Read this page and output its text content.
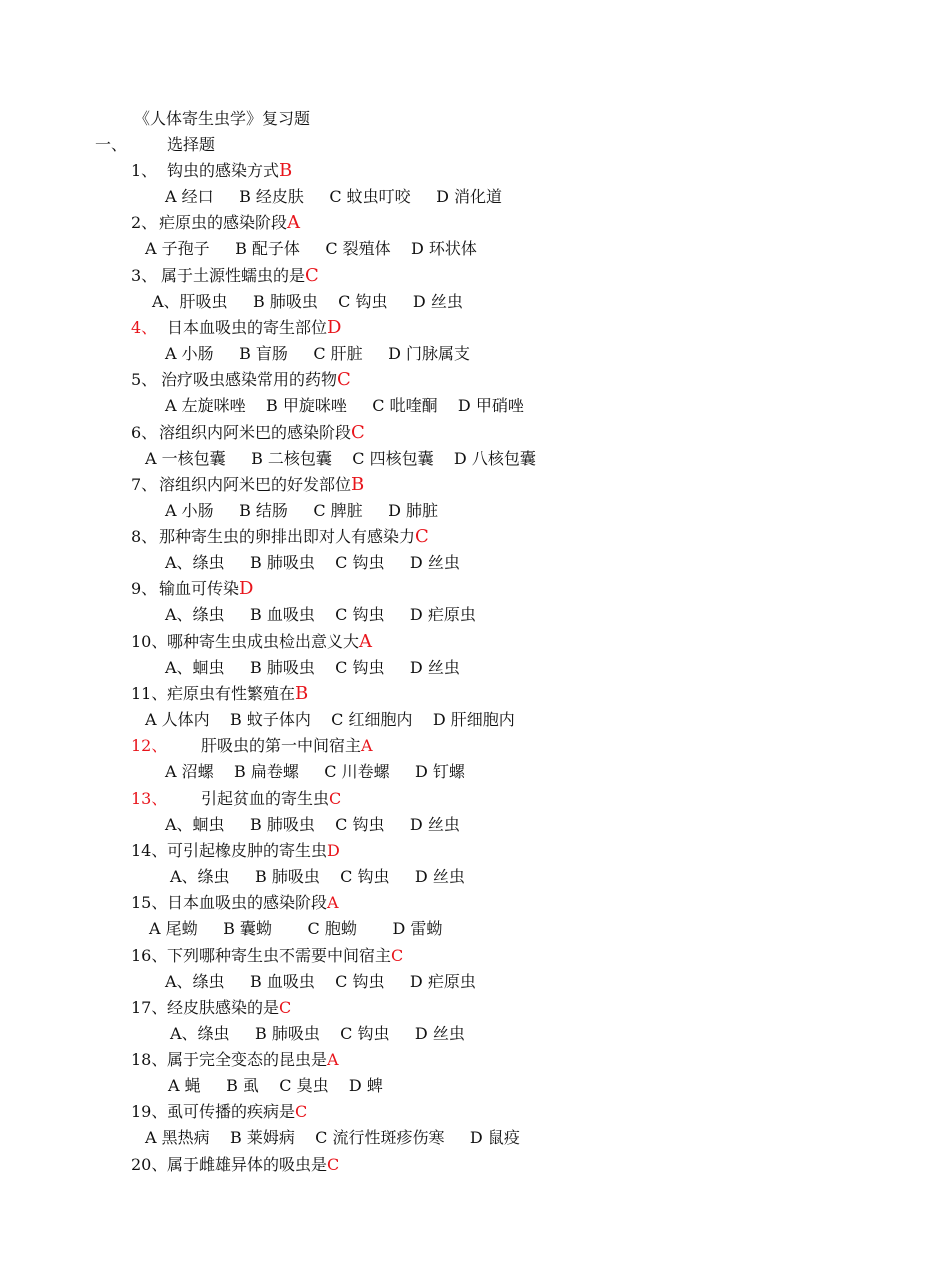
《人体寄生虫学》复习题
一、 选择题
1、 钩虫的感染方式B
A 经口     B 经皮肤     C 蚊虫叮咬     D 消化道
2、 疟原虫的感染阶段A
A 子孢子     B 配子体     C 裂殖体    D 环状体
3、 属于土源性蠕虫的是C
A、肝吸虫     B 肺吸虫    C 钩虫     D 丝虫
4、 日本血吸虫的寄生部位D
A 小肠     B 盲肠     C 肝脏     D 门脉属支
5、 治疗吸虫感染常用的药物C
A 左旋咪唑    B 甲旋咪唑     C 吡喹酮    D 甲硝唑
6、 溶组织内阿米巴的感染阶段C
A 一核包囊     B 二核包囊    C 四核包囊    D 八核包囊
7、 溶组织内阿米巴的好发部位B
A 小肠     B 结肠     C 脾脏     D 肺脏
8、 那种寄生虫的卵排出即对人有感染力C
A、绦虫     B 肺吸虫    C 钩虫     D 丝虫
9、 输血可传染D
A、绦虫     B 血吸虫    C 钩虫     D 疟原虫
10、 哪种寄生虫成虫检出意义大A
A、蛔虫     B 肺吸虫    C 钩虫     D 丝虫
11、 疟原虫有性繁殖在B
A 人体内    B 蚊子体内    C 红细胞内    D 肝细胞内
12、 肝吸虫的第一中间宿主A
A 沼螺    B 扁卷螺     C 川卷螺     D 钉螺
13、 引起贫血的寄生虫C
A、蛔虫     B 肺吸虫    C 钩虫     D 丝虫
14、 可引起橡皮肿的寄生虫D
A、绦虫     B 肺吸虫    C 钩虫     D 丝虫
15、 日本血吸虫的感染阶段A
A 尾蚴     B 囊蚴       C 胞蚴       D 雷蚴
16、 下列哪种寄生虫不需要中间宿主C
A、绦虫     B 血吸虫    C 钩虫     D 疟原虫
17、 经皮肤感染的是C
A、绦虫     B 肺吸虫    C 钩虫     D 丝虫
18、 属于完全变态的昆虫是A
A 蝇     B 虱    C 臭虫    D 蜱
19、 虱可传播的疾病是C
A 黑热病    B 莱姆病    C 流行性斑疹伤寒     D 鼠疫
20、 属于雌雄异体的吸虫是C
